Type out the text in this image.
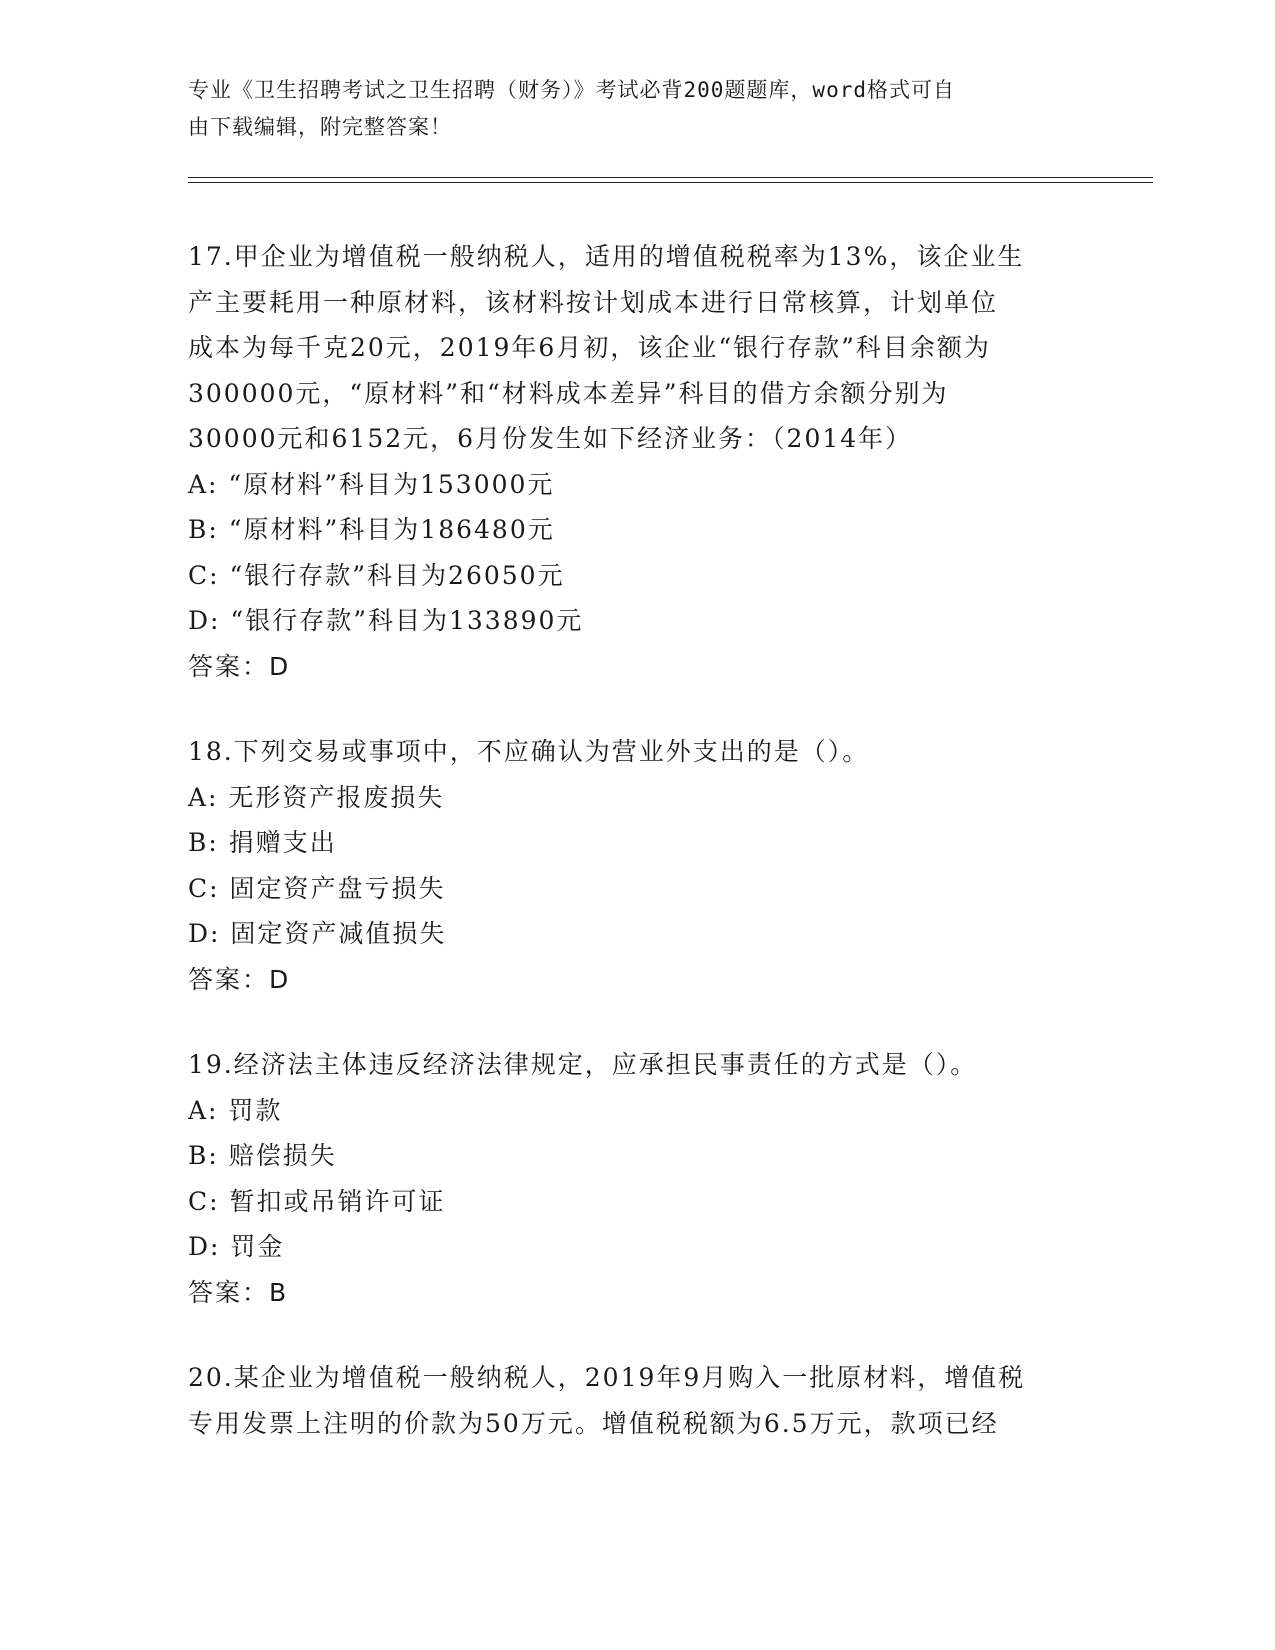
专业《卫生招聘考试之卫生招聘（财务）》考试必背200题题库，word格式可自
由下载编辑，附完整答案！

17.甲企业为增值税一般纳税人，适用的增值税税率为13%，该企业生

产主要耗用一种原材料，该材料按计划成本进行日常核算，计划单位

成本为每千克20元，2019年6月初，该企业“银行存款”科目余额为

300000元，“原材料”和“材料成本差异”科目的借方余额分别为

30000元和6152元，6月份发生如下经济业务：（2014年）

A: “原材料”科目为153000元

B: “原材料”科目为186480元

C: “银行存款”科目为26050元

D: “银行存款”科目为133890元

答案：D

18.下列交易或事项中，不应确认为营业外支出的是（）。

A: 无形资产报废损失

B: 捐赠支出

C: 固定资产盘亏损失

D: 固定资产减值损失

答案：D

19.经济法主体违反经济法律规定，应承担民事责任的方式是（）。

A: 罚款

B: 赔偿损失

C: 暂扣或吊销许可证

D: 罚金

答案：B

20.某企业为增值税一般纳税人，2019年9月购入一批原材料，增值税

专用发票上注明的价款为50万元。增值税税额为6.5万元，款项已经
